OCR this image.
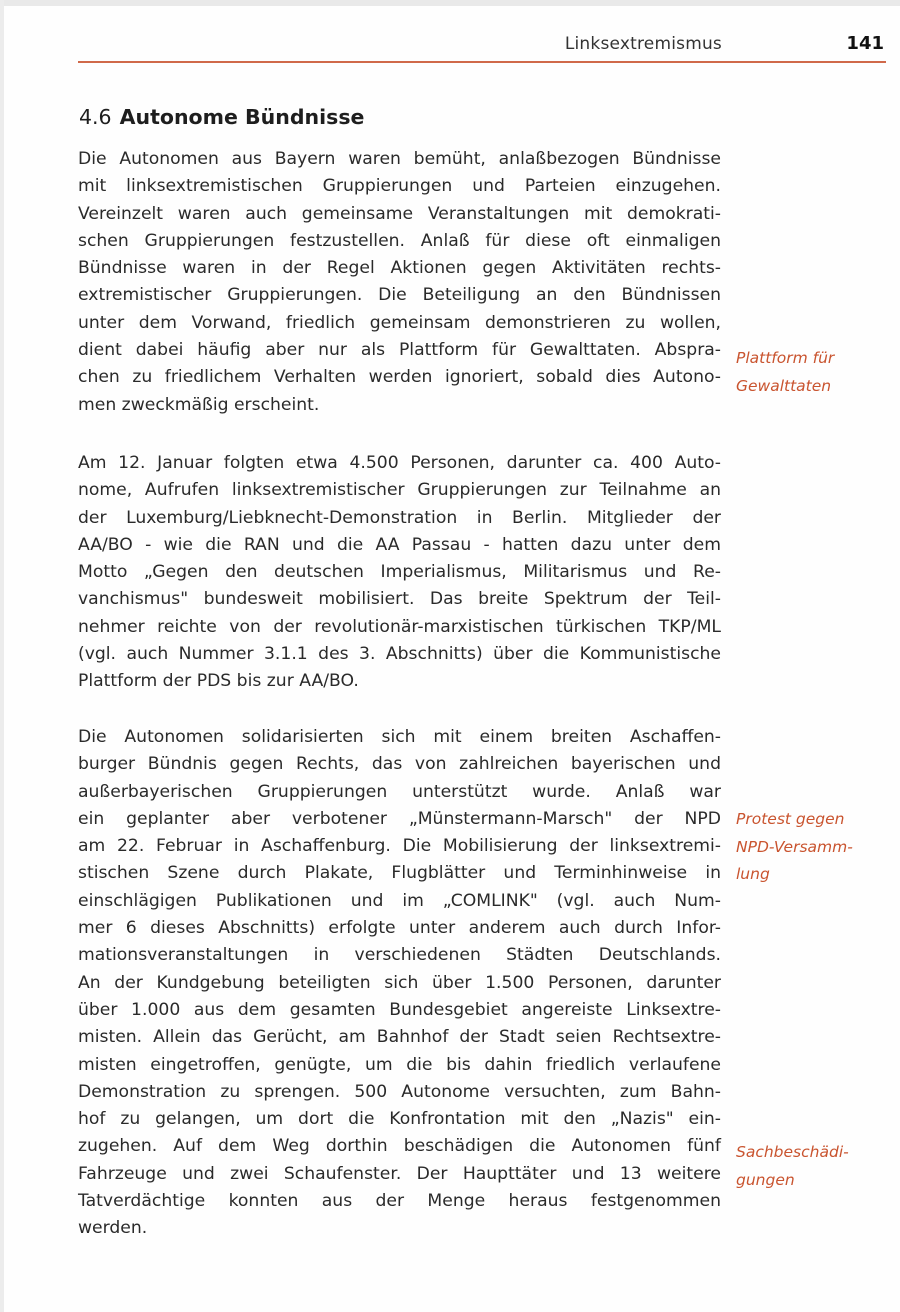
Linksextremismus	141
4.6 Autonome Bündnisse
Die Autonomen aus Bayern waren bemüht, anlaßbezogen Bündnisse
mit linksextremistischen Gruppierungen und Parteien einzugehen.
Vereinzelt waren auch gemeinsame Veranstaltungen mit demokrati-
schen Gruppierungen festzustellen. Anlaß für diese oft einmaligen
Bündnisse waren in der Regel Aktionen gegen Aktivitäten rechts-
extremistischer Gruppierungen. Die Beteiligung an den Bündnissen
unter dem Vorwand, friedlich gemeinsam demonstrieren zu wollen,
dient dabei häufig aber nur als Plattform für Gewalttaten. Abspra-
chen zu friedlichem Verhalten werden ignoriert, sobald dies Autono-
men zweckmäßig erscheint.
Am 12. Januar folgten etwa 4.500 Personen, darunter ca. 400 Auto-
nome, Aufrufen linksextremistischer Gruppierungen zur Teilnahme an
der Luxemburg/Liebknecht-Demonstration in Berlin. Mitglieder der
AA/BO - wie die RAN und die AA Passau - hatten dazu unter dem
Motto „Gegen den deutschen Imperialismus, Militarismus und Re-
vanchismus" bundesweit mobilisiert. Das breite Spektrum der Teil-
nehmer reichte von der revolutionär-marxistischen türkischen TKP/ML
(vgl. auch Nummer 3.1.1 des 3. Abschnitts) über die Kommunistische
Plattform der PDS bis zur AA/BO.
Die Autonomen solidarisierten sich mit einem breiten Aschaffen-
burger Bündnis gegen Rechts, das von zahlreichen bayerischen und
außerbayerischen Gruppierungen unterstützt wurde. Anlaß war
ein geplanter aber verbotener „Münstermann-Marsch" der NPD
am 22. Februar in Aschaffenburg. Die Mobilisierung der linksextremi-
stischen Szene durch Plakate, Flugblätter und Terminhinweise in
einschlägigen Publikationen und im „COMLINK" (vgl. auch Num-
mer 6 dieses Abschnitts) erfolgte unter anderem auch durch Infor-
mationsveranstaltungen in verschiedenen Städten Deutschlands.
An der Kundgebung beteiligten sich über 1.500 Personen, darunter
über 1.000 aus dem gesamten Bundesgebiet angereiste Linksextre-
misten. Allein das Gerücht, am Bahnhof der Stadt seien Rechtsextre-
misten eingetroffen, genügte, um die bis dahin friedlich verlaufene
Demonstration zu sprengen. 500 Autonome versuchten, zum Bahn-
hof zu gelangen, um dort die Konfrontation mit den „Nazis" ein-
zugehen. Auf dem Weg dorthin beschädigen die Autonomen fünf
Fahrzeuge und zwei Schaufenster. Der Haupttäter und 13 weitere
Tatverdächtige konnten aus der Menge heraus festgenommen
werden.
Plattform für
Gewalttaten
Protest gegen
NPD-Versamm-
lung
Sachbeschädi-
gungen
